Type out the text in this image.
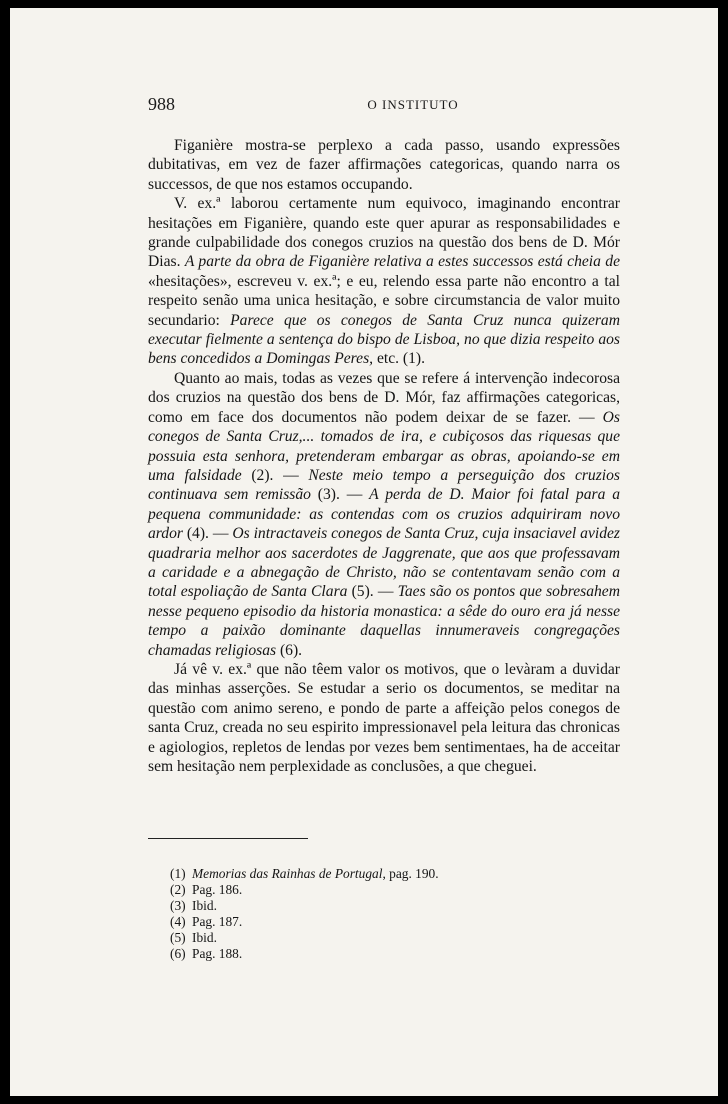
988	O INSTITUTO

Figanière mostra-se perplexo a cada passo, usando expressões dubitativas, em vez de fazer affirmações categoricas, quando narra os successos, de que nos estamos occupando.

V. ex.ª laborou certamente num equivoco, imaginando encontrar hesitações em Figanière, quando este quer apurar as responsabilidades e grande culpabilidade dos conegos cruzios na questão dos bens de D. Mór Dias. A parte da obra de Figanière relativa a estes successos está cheia de «hesitações», escreveu v. ex.ª; e eu, relendo essa parte não encontro a tal respeito senão uma unica hesitação, e sobre circumstancia de valor muito secundario: Parece que os conegos de Santa Cruz nunca quizeram executar fielmente a sentença do bispo de Lisboa, no que dizia respeito aos bens concedidos a Domingas Peres, etc. (1).

Quanto ao mais, todas as vezes que se refere á intervenção indecorosa dos cruzios na questão dos bens de D. Mór, faz affirmações categoricas, como em face dos documentos não podem deixar de se fazer. — Os conegos de Santa Cruz,... tomados de ira, e cubiçosos das riquesas que possuia esta senhora, pretenderam embargar as obras, apoiando-se em uma falsidade (2). — Neste meio tempo a perseguição dos cruzios continuava sem remissão (3). — A perda de D. Maior foi fatal para a pequena communidade: as contendas com os cruzios adquiriram novo ardor (4). — Os intractaveis conegos de Santa Cruz, cuja insaciavel avidez quadraria melhor aos sacerdotes de Jaggrenate, que aos que professavam a caridade e a abnegação de Christo, não se contentavam senão com a total espoliação de Santa Clara (5). — Taes são os pontos que sobresahem nesse pequeno episodio da historia monastica: a sêde do ouro era já nesse tempo a paixão dominante daquellas innumeraveis congregações chamadas religiosas (6).

Já vê v. ex.ª que não têem valor os motivos, que o levàram a duvidar das minhas asserções. Se estudar a serio os documentos, se meditar na questão com animo sereno, e pondo de parte a affeição pelos conegos de santa Cruz, creada no seu espirito impressionavel pela leitura das chronicas e agiologios, repletos de lendas por vezes bem sentimentaes, ha de acceitar sem hesitação nem perplexidade as conclusões, a que cheguei.

(1) Memorias das Rainhas de Portugal, pag. 190.
(2) Pag. 186.
(3) Ibid.
(4) Pag. 187.
(5) Ibid.
(6) Pag. 188.
